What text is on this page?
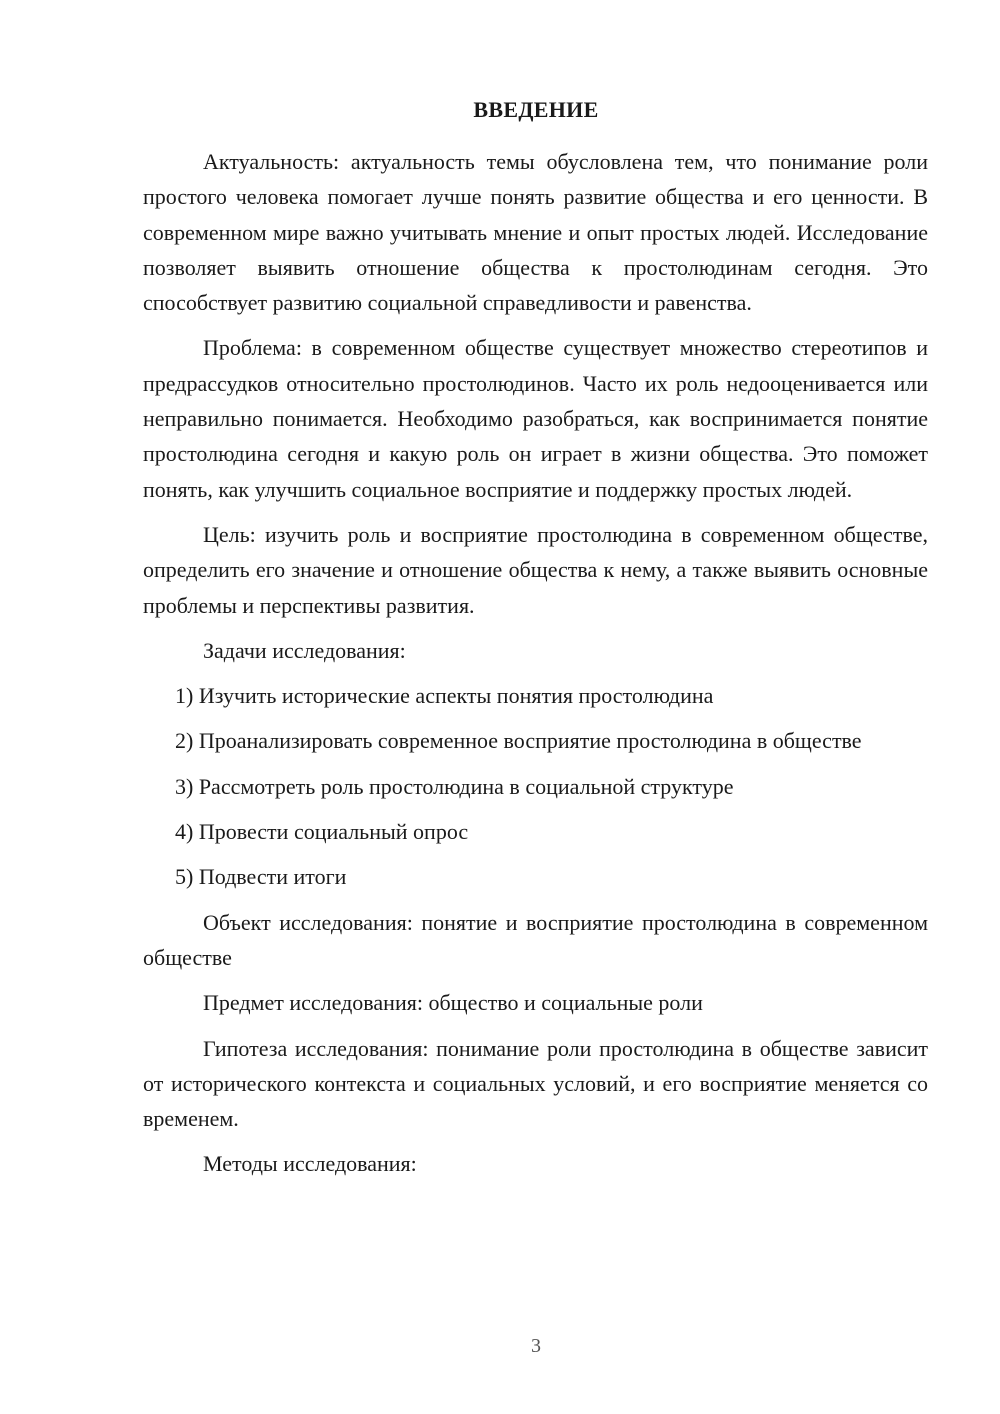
ВВЕДЕНИЕ

Актуальность: актуальность темы обусловлена тем, что понимание роли простого человека помогает лучше понять развитие общества и его ценности. В современном мире важно учитывать мнение и опыт простых людей. Исследование позволяет выявить отношение общества к простолюдинам сегодня. Это способствует развитию социальной справедливости и равенства.

Проблема: в современном обществе существует множество стереотипов и предрассудков относительно простолюдинов. Часто их роль недооценивается или неправильно понимается. Необходимо разобраться, как воспринимается понятие простолюдина сегодня и какую роль он играет в жизни общества. Это поможет понять, как улучшить социальное восприятие и поддержку простых людей.

Цель: изучить роль и восприятие простолюдина в современном обществе, определить его значение и отношение общества к нему, а также выявить основные проблемы и перспективы развития.

Задачи исследования:

1) Изучить исторические аспекты понятия простолюдина

2) Проанализировать современное восприятие простолюдина в обществе

3) Рассмотреть роль простолюдина в социальной структуре

4) Провести социальный опрос

5) Подвести итоги

Объект исследования: понятие и восприятие простолюдина в современном обществе

Предмет исследования: общество и социальные роли

Гипотеза исследования: понимание роли простолюдина в обществе зависит от исторического контекста и социальных условий, и его восприятие меняется со временем.

Методы исследования:

3
